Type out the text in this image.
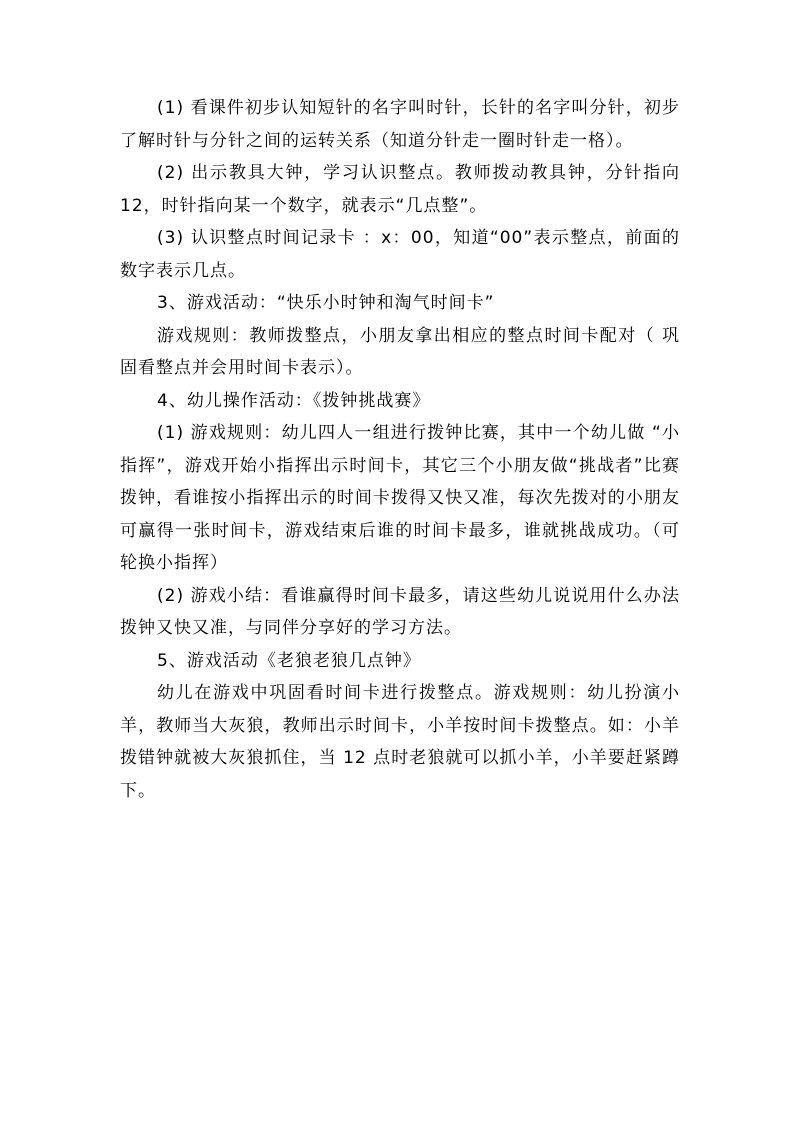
(1) 看课件初步认知短针的名字叫时针，长针的名字叫分针，初步了解时针与分针之间的运转关系（知道分针走一圈时针走一格）。

(2) 出示教具大钟，学习认识整点。教师拨动教具钟，分针指向 12，时针指向某一个数字，就表示“几点整”。

(3) 认识整点时间记录卡 ：x：00，知道“00”表示整点，前面的数字表示几点。

3、游戏活动：“快乐小时钟和淘气时间卡”

游戏规则：教师拨整点，小朋友拿出相应的整点时间卡配对（ 巩固看整点并会用时间卡表示）。

4、幼儿操作活动：《拨钟挑战赛》

(1) 游戏规则：幼儿四人一组进行拨钟比赛，其中一个幼儿做 “小指挥”，游戏开始小指挥出示时间卡，其它三个小朋友做“挑战者”比赛拨钟，看谁按小指挥出示的时间卡拨得又快又准，每次先拨对的小朋友可赢得一张时间卡，游戏结束后谁的时间卡最多，谁就挑战成功。（可轮换小指挥）

(2) 游戏小结：看谁赢得时间卡最多，请这些幼儿说说用什么办法拨钟又快又准，与同伴分享好的学习方法。

5、游戏活动《老狼老狼几点钟》

幼儿在游戏中巩固看时间卡进行拨整点。游戏规则：幼儿扮演小羊，教师当大灰狼，教师出示时间卡，小羊按时间卡拨整点。如：小羊拨错钟就被大灰狼抓住，当 12 点时老狼就可以抓小羊，小羊要赶紧蹲下。
